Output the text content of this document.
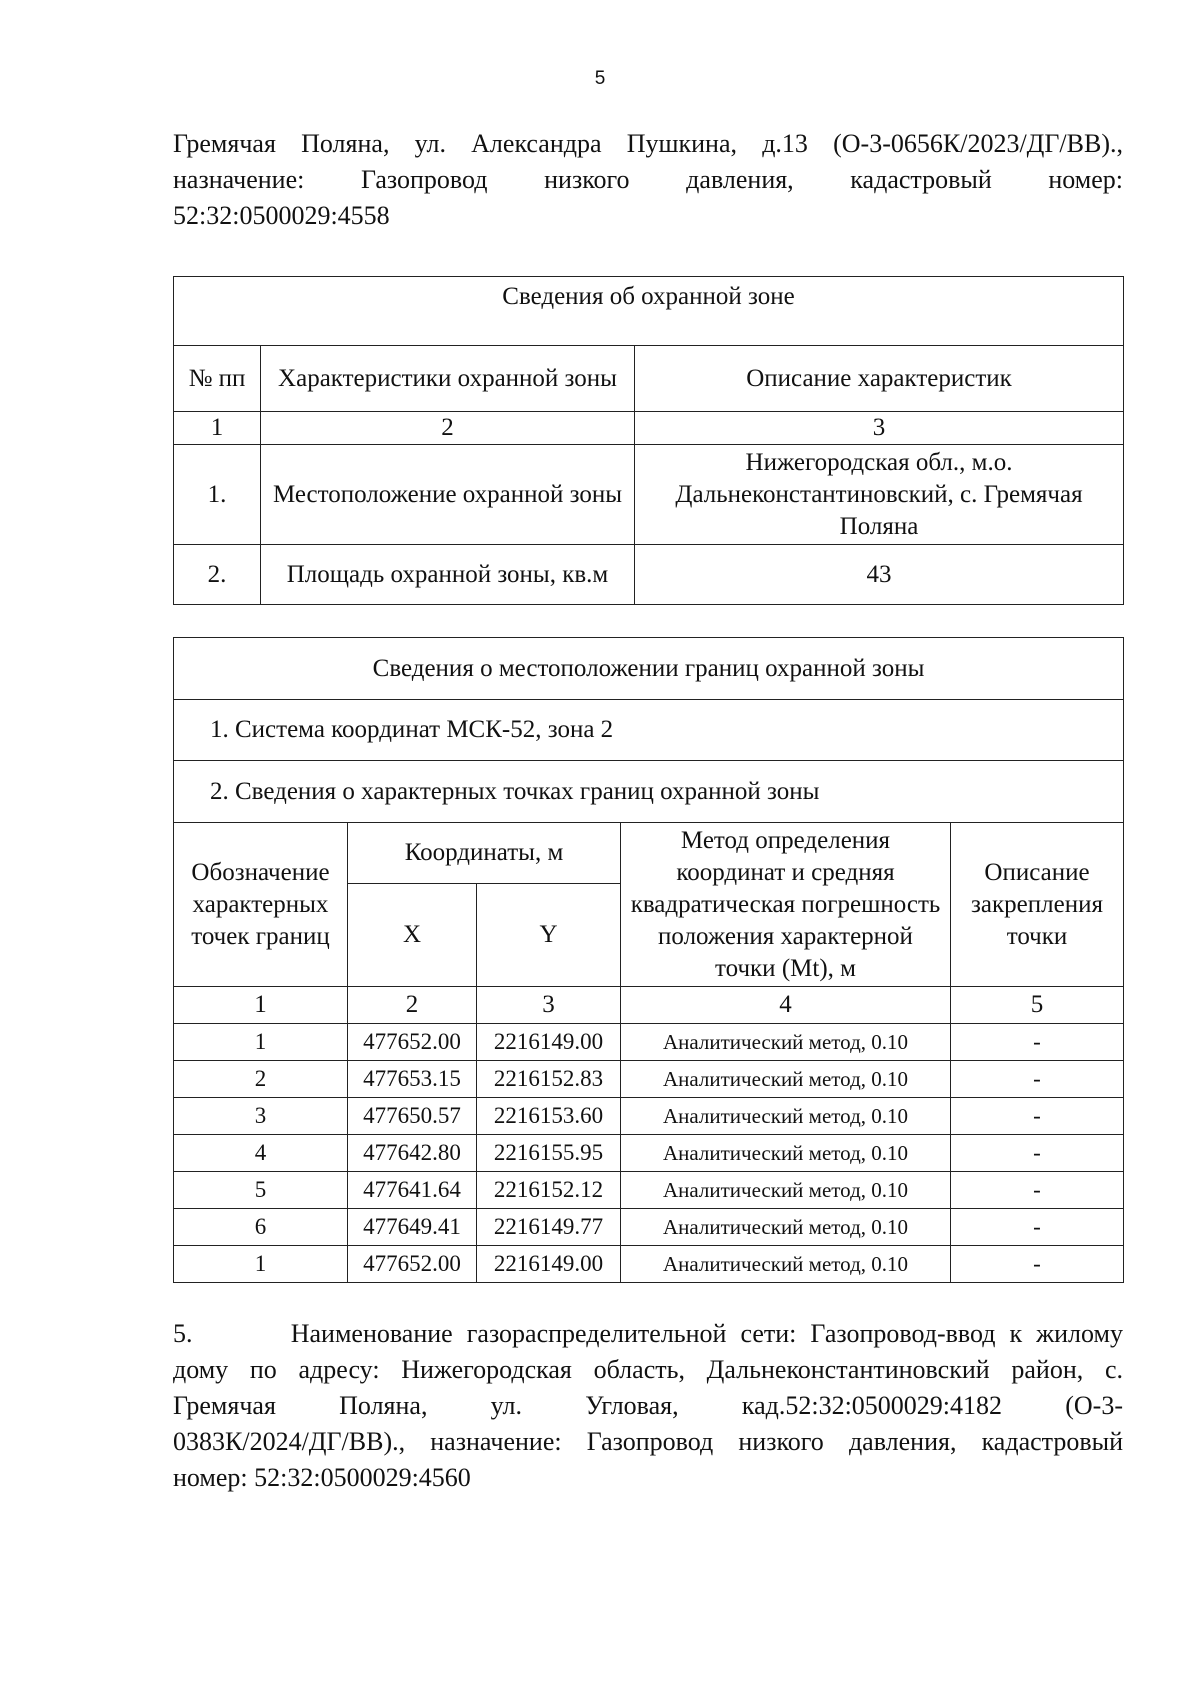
5
Гремячая Поляна, ул. Александра Пушкина, д.13 (О-3-0656К/2023/ДГ/ВВ).,
назначение: Газопровод низкого давления, кадастровый номер:
52:32:0500029:4558
Сведения об охранной зоне		
№ пп	Характеристики охранной зоны	Описание характеристик
1	2	3
1.	Местоположение охранной зоны	Нижегородская обл., м.о. Дальнеконстантиновский, с. Гремячая Поляна
2.	Площадь охранной зоны, кв.м	43
Сведения о местоположении границ охранной зоны				
1. Система координат МСК-52, зона 2				
2. Сведения о характерных точках границ охранной зоны				
Обозначение характерных точек границ	Координаты, м		Метод определения координат и средняя квадратическая погрешность положения характерной точки (Mt), м	Описание закрепления точки
	X	Y		
1	2	3	4	5
1	477652.00	2216149.00	Аналитический метод, 0.10	-
2	477653.15	2216152.83	Аналитический метод, 0.10	-
3	477650.57	2216153.60	Аналитический метод, 0.10	-
4	477642.80	2216155.95	Аналитический метод, 0.10	-
5	477641.64	2216152.12	Аналитический метод, 0.10	-
6	477649.41	2216149.77	Аналитический метод, 0.10	-
1	477652.00	2216149.00	Аналитический метод, 0.10	-
5.       Наименование газораспределительной сети: Газопровод-ввод к жилому
дому по адресу: Нижегородская область, Дальнеконстантиновский район, с.
Гремячая Поляна, ул. Угловая, кад.52:32:0500029:4182 (О-3-
0383К/2024/ДГ/ВВ)., назначение: Газопровод низкого давления, кадастровый
номер: 52:32:0500029:4560
